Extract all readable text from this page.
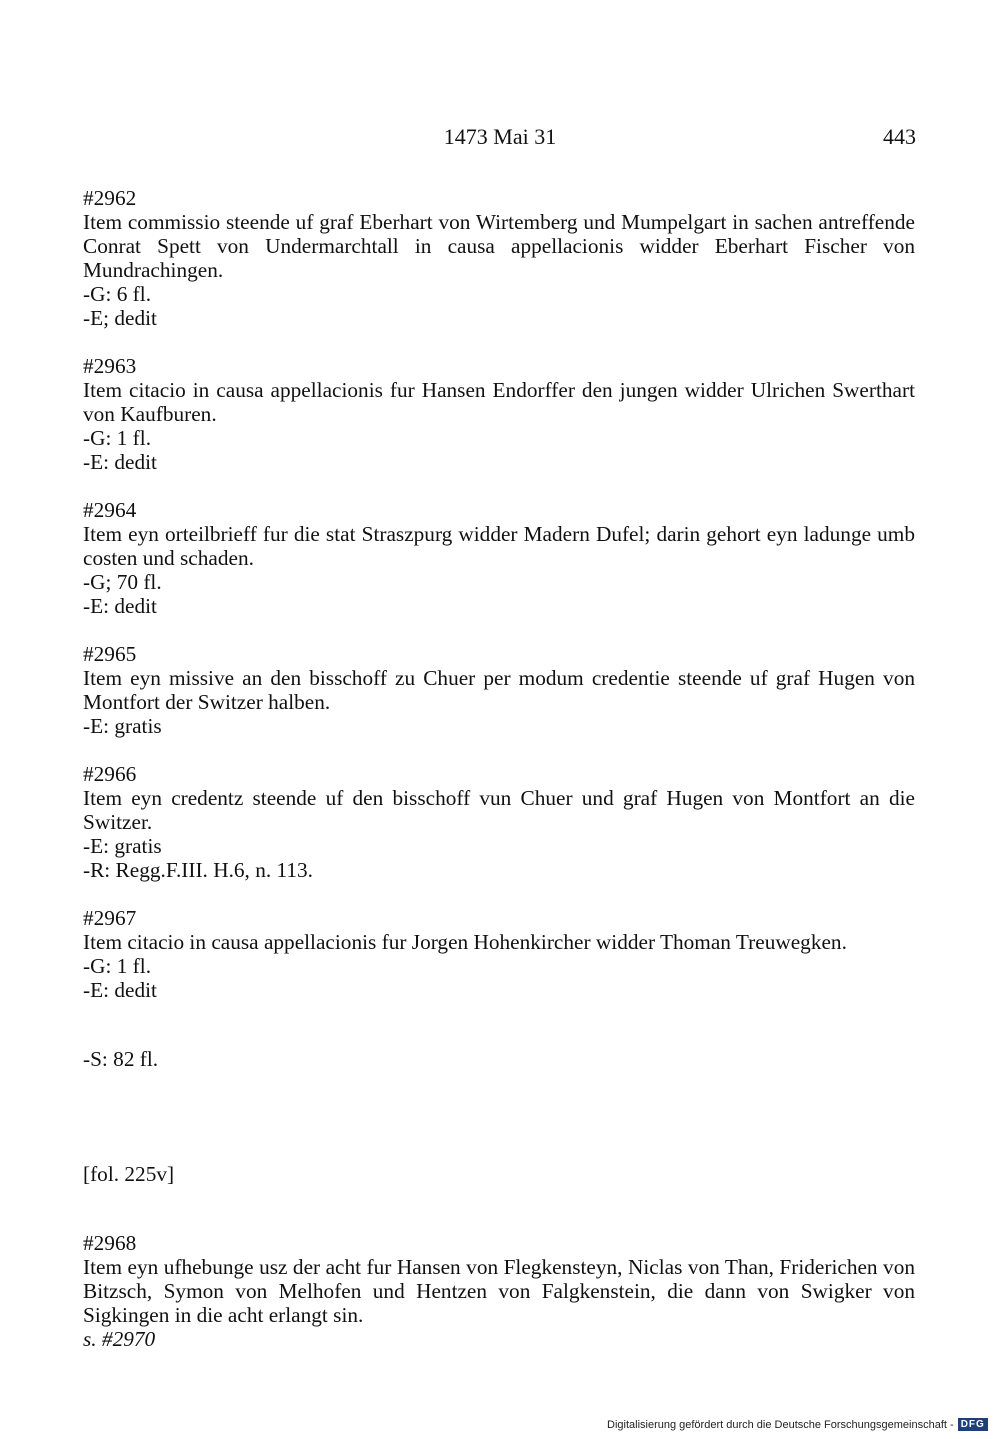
1473 Mai 31	443

#2962

Item commissio steende uf graf Eberhart von Wirtemberg und Mumpelgart in sachen antreffende Conrat Spett von Undermarchtall in causa appellacionis widder Eberhart Fischer von Mundrachingen.

-G: 6 fl.

-E; dedit

#2963

Item citacio in causa appellacionis fur Hansen Endorffer den jungen widder Ulrichen Swerthart von Kaufburen.

-G: 1 fl.

-E: dedit

#2964

Item eyn orteilbrieff fur die stat Straszpurg widder Madern Dufel; darin gehort eyn ladunge umb costen und schaden.

-G; 70 fl.

-E: dedit

#2965

Item eyn missive an den bisschoff zu Chuer per modum credentie steende uf graf Hugen von Montfort der Switzer halben.

-E: gratis

#2966

Item eyn credentz steende uf den bisschoff vun Chuer und graf Hugen von Montfort an die Switzer.

-E: gratis

-R: Regg.F.III. H.6, n. 113.

#2967

Item citacio in causa appellacionis fur Jorgen Hohenkircher widder Thoman Treuwegken.

-G: 1 fl.

-E: dedit

-S: 82 fl.

[fol. 225v]

#2968

Item eyn ufhebunge usz der acht fur Hansen von Flegkensteyn, Niclas von Than, Friderichen von Bitzsch, Symon von Melhofen und Hentzen von Falgkenstein, die dann von Swigker von Sigkingen in die acht erlangt sin.

s. #2970

Digitalisierung gefördert durch die Deutsche Forschungsgemeinschaft - DFG
